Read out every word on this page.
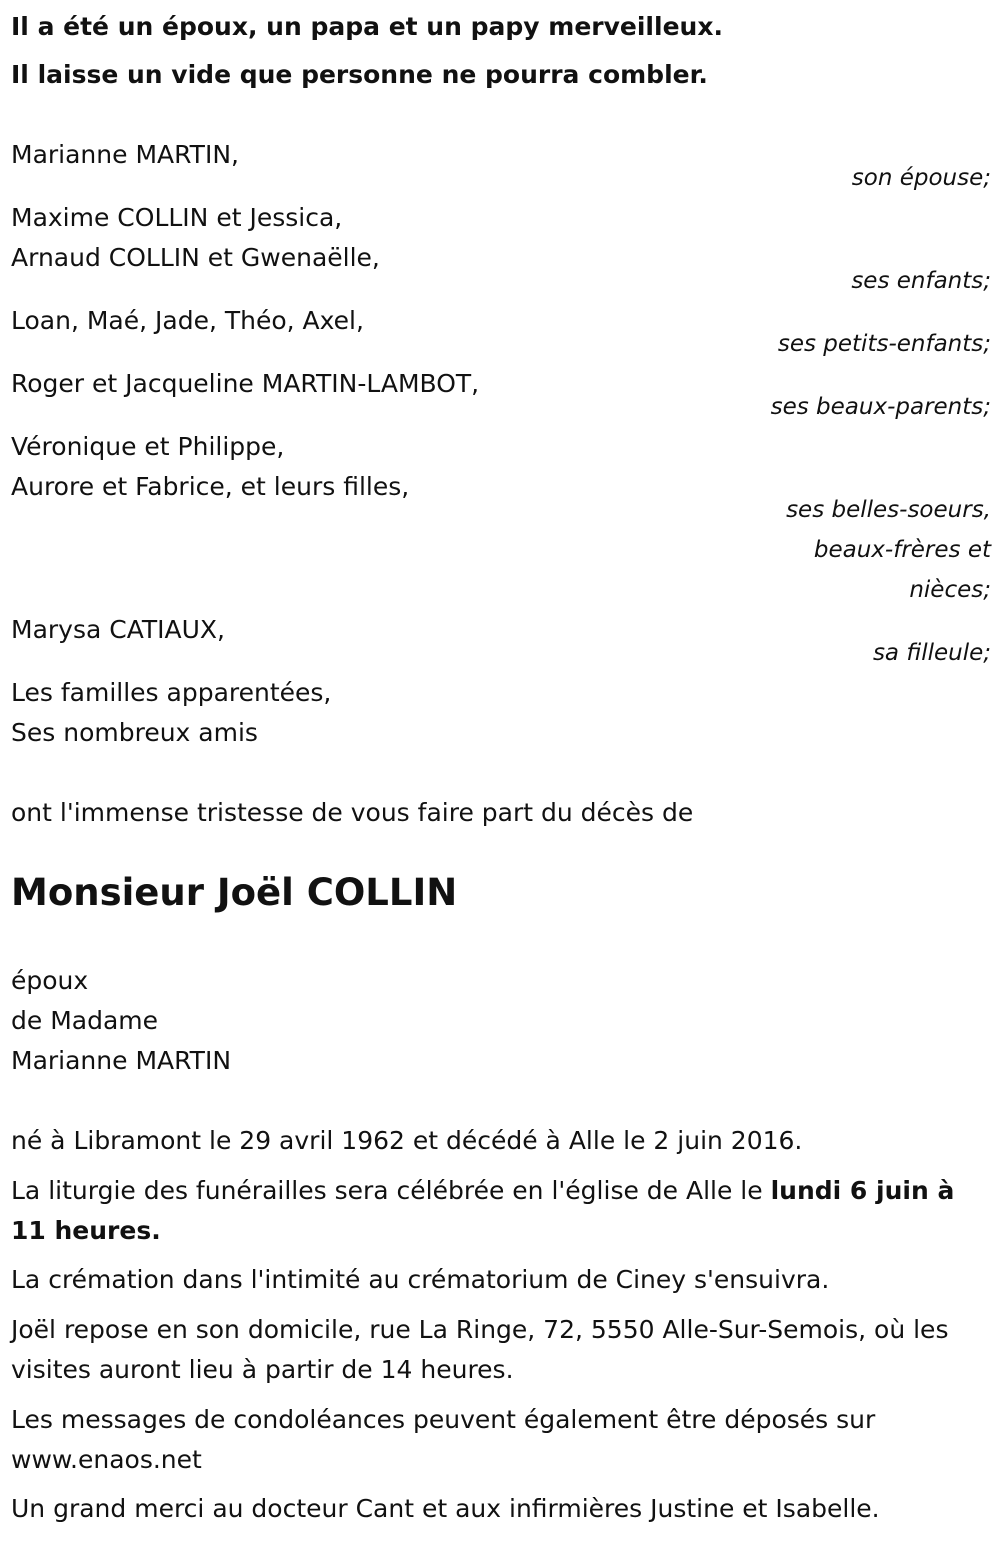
Il a été un époux, un papa et un papy merveilleux.
Il laisse un vide que personne ne pourra combler.
Marianne MARTIN,
son épouse;
Maxime COLLIN et Jessica,
Arnaud COLLIN et Gwenaëlle,
ses enfants;
Loan, Maé, Jade, Théo, Axel,
ses petits-enfants;
Roger et Jacqueline MARTIN-LAMBOT,
ses beaux-parents;
Véronique et Philippe,
Aurore et Fabrice, et leurs filles,
ses belles-soeurs,
beaux-frères et
nièces;
Marysa CATIAUX,
sa filleule;
Les familles apparentées,
Ses nombreux amis
ont l'immense tristesse de vous faire part du décès de
Monsieur Joël COLLIN
époux
de Madame
Marianne MARTIN
né à Libramont le 29 avril 1962 et décédé à Alle le 2 juin 2016.
La liturgie des funérailles sera célébrée en l'église de Alle le lundi 6 juin à
11 heures.
La crémation dans l'intimité au crématorium de Ciney s'ensuivra.
Joël repose en son domicile, rue La Ringe, 72, 5550 Alle-Sur-Semois, où les
visites auront lieu à partir de 14 heures.
Les messages de condoléances peuvent également être déposés sur
www.enaos.net
Un grand merci au docteur Cant et aux infirmières Justine et Isabelle.
